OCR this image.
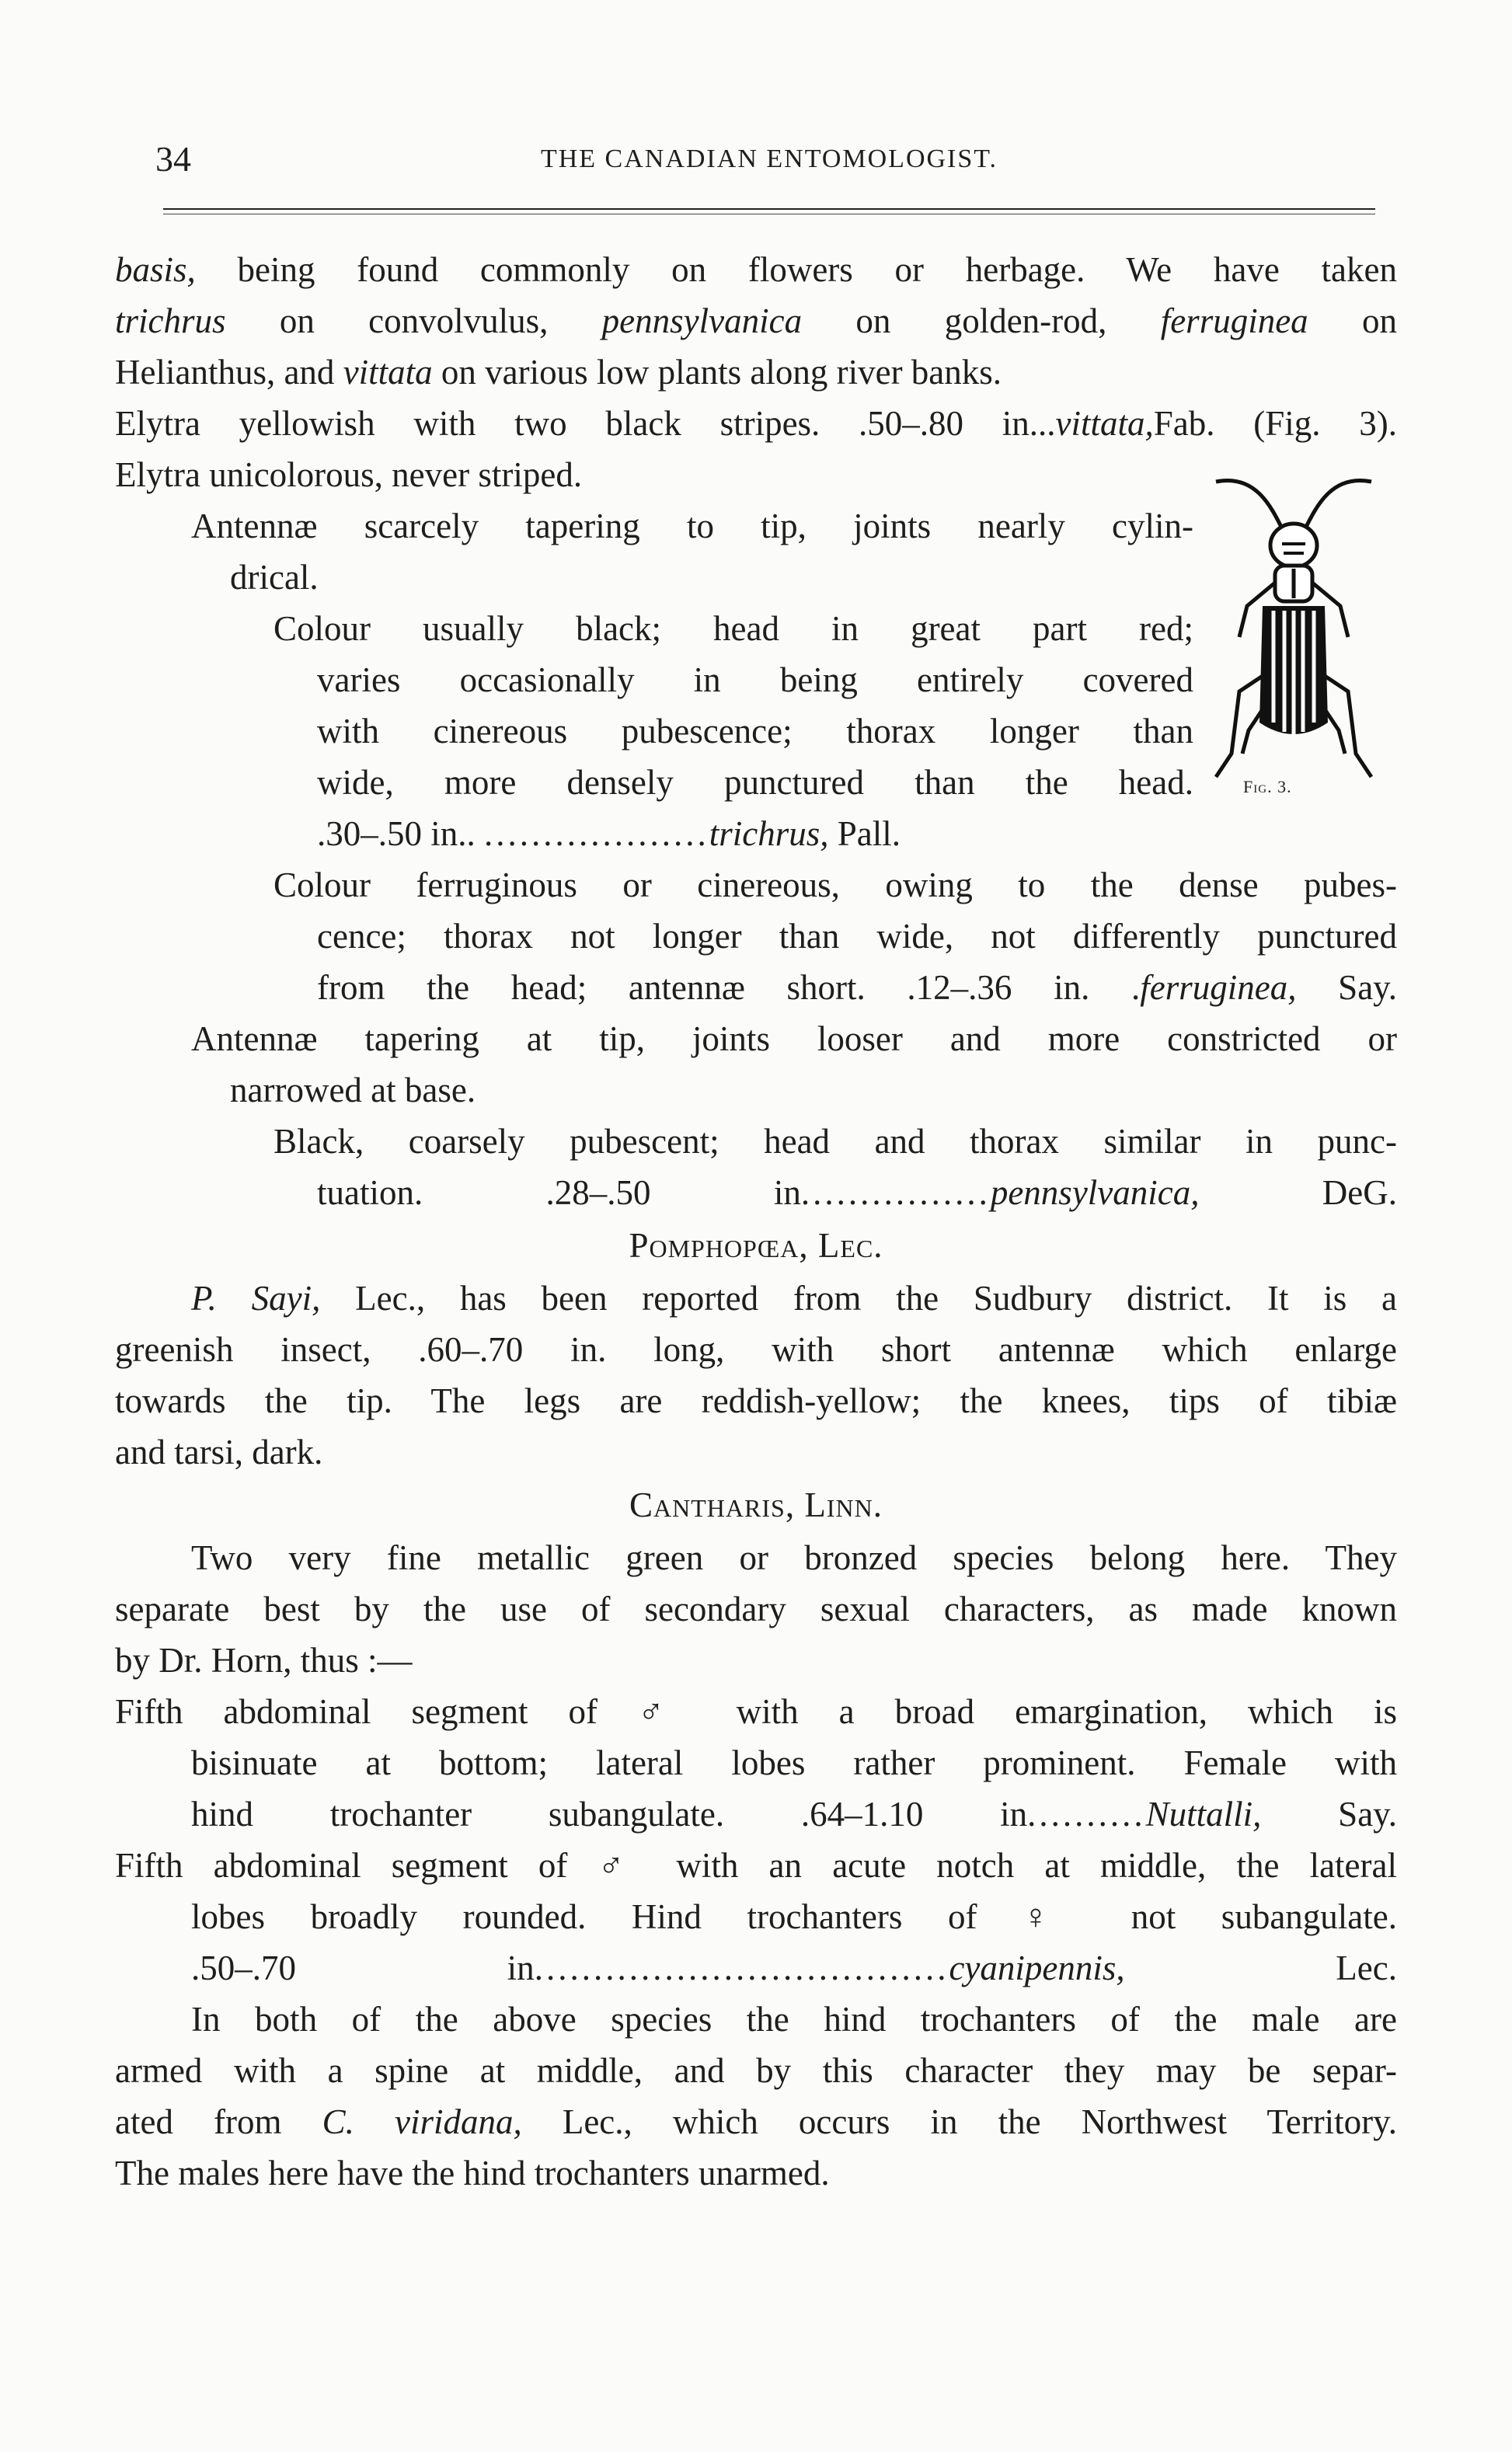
34	THE CANADIAN ENTOMOLOGIST.
basis, being found commonly on flowers or herbage. We have taken
trichrus on convolvulus, pennsylvanica on golden-rod, ferruginea on
Helianthus, and vittata on various low plants along river banks.
Elytra yellowish with two black stripes. .50–.80 in...vittata,Fab. (Fig. 3).
Elytra unicolorous, never striped.
Antennæ scarcely tapering to tip, joints nearly cylin-
drical.
Colour usually black; head in great part red;
varies occasionally in being entirely covered
with cinereous pubescence; thorax longer than
wide, more densely punctured than the head.
.30–.50 in.. ...................trichrus, Pall.
Colour ferruginous or cinereous, owing to the dense pubes-
cence; thorax not longer than wide, not differently punctured
from the head; antennæ short. .12–.36 in. .ferruginea, Say.
Antennæ tapering at tip, joints looser and more constricted or
narrowed at base.
Black, coarsely pubescent; head and thorax similar in punc-
tuation. .28–.50 in................pennsylvanica, DeG.
Fig. 3.
Pomphopœa, Lec.
P. Sayi, Lec., has been reported from the Sudbury district. It is a
greenish insect, .60–.70 in. long, with short antennæ which enlarge
towards the tip. The legs are reddish-yellow; the knees, tips of tibiæ
and tarsi, dark.
Cantharis, Linn.
Two very fine metallic green or bronzed species belong here. They
separate best by the use of secondary sexual characters, as made known
by Dr. Horn, thus :—
Fifth abdominal segment of ♂ with a broad emargination, which is
bisinuate at bottom; lateral lobes rather prominent. Female with
hind trochanter subangulate. .64–1.10 in..........Nuttalli, Say.
Fifth abdominal segment of ♂ with an acute notch at middle, the lateral
lobes broadly rounded. Hind trochanters of ♀ not subangulate.
.50–.70 in...................................cyanipennis, Lec.
In both of the above species the hind trochanters of the male are
armed with a spine at middle, and by this character they may be separ-
ated from C. viridana, Lec., which occurs in the Northwest Territory.
The males here have the hind trochanters unarmed.
